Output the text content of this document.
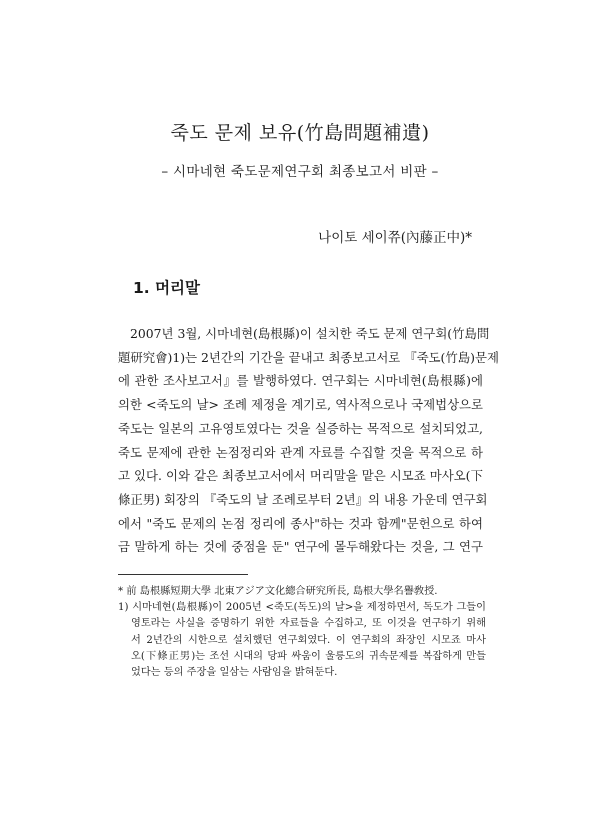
죽도 문제 보유(竹島問題補遺)
– 시마네현 죽도문제연구회 최종보고서 비판 –
나이토 세이쮸(內藤正中)*
1. 머리말
2007년 3월, 시마네현(島根縣)이 설치한 죽도 문제 연구회(竹島問
題研究會)1)는 2년간의 기간을 끝내고 최종보고서로 『죽도(竹島)문제
에 관한 조사보고서』를 발행하였다. 연구회는 시마네현(島根縣)에
의한 <죽도의 날> 조례 제정을 계기로, 역사적으로나 국제법상으로
죽도는 일본의 고유영토였다는 것을 실증하는 목적으로 설치되었고,
죽도 문제에 관한 논점정리와 관계 자료를 수집할 것을 목적으로 하
고 있다. 이와 같은 최종보고서에서 머리말을 맡은 시모죠 마사오(下
條正男) 회장의 『죽도의 날 조례로부터 2년』의 내용 가운데 연구회
에서 "죽도 문제의 논점 정리에 종사"하는 것과 함께"문헌으로 하여
금 말하게 하는 것에 중점을 둔" 연구에 몰두해왔다는 것을, 그 연구
* 前 島根縣短期大學 北東アジア文化總合研究所長, 島根大學名譽敎授.
1) 시마네현(島根縣)이 2005년 <죽도(독도)의 날>을 제정하면서, 독도가 그들이
영토라는 사실을 증명하기 위한 자료들을 수집하고, 또 이것을 연구하기 위해
서 2년간의 시한으로 설치했던 연구회였다. 이 연구회의 좌장인 시모죠 마사
오(下條正男)는 조선 시대의 당파 싸움이 울릉도의 귀속문제를 복잡하게 만들
었다는 등의 주장을 일삼는 사람임을 밝혀둔다.
